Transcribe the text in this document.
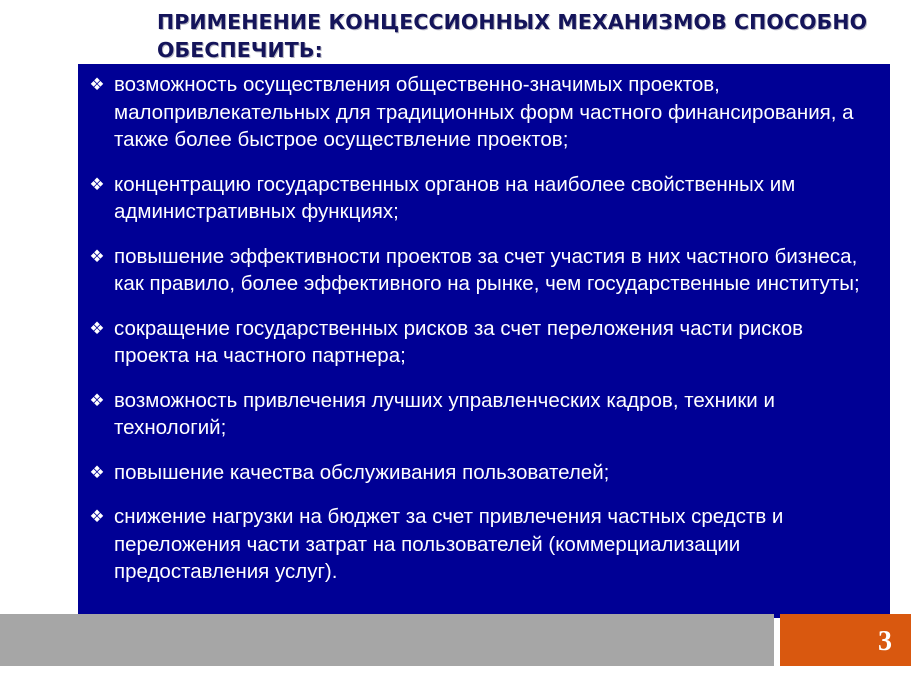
ПРИМЕНЕНИЕ КОНЦЕССИОННЫХ МЕХАНИЗМОВ СПОСОБНО ОБЕСПЕЧИТЬ:
❖ возможность осуществления общественно-значимых проектов, малопривлекательных для традиционных форм частного финансирования, а также более быстрое осуществление проектов;
❖ концентрацию государственных органов на наиболее свойственных им административных функциях;
❖ повышение эффективности проектов за счет участия в них частного бизнеса, как правило, более эффективного на рынке, чем государственные институты;
❖ сокращение государственных рисков за счет переложения части рисков проекта на частного партнера;
❖ возможность привлечения лучших управленческих кадров, техники и технологий;
❖ повышение качества обслуживания пользователей;
❖ снижение нагрузки на бюджет за счет привлечения частных средств и переложения части затрат на пользователей (коммерциализации предоставления услуг).
3
